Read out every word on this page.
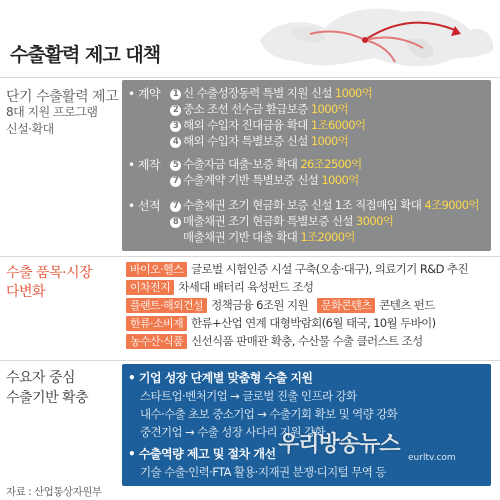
수출활력 제고 대책
단기 수출활력 제고
8대 지원 프로그램
신설·확대
• 계약	1 신 수출성장동력 특별 지원 신설 1000억
2 중소 조선 선수금 환급보증 1000억
3 해외 수입자 진대금융 확대 1조6000억
4 해외 수입자 특별보증 신설 1000억
• 제작	5 수출자금 대출·보증 확대 26조2500억
7 수출계약 기반 특별보증 신설 1000억
• 선적	7 수출채권 조기 현금화 보증 신설 1조 직접매입 확대 4조9000억
8 매출채권 조기 현금화 특별보증 신설 3000억
매출채권 기반 대출 확대 1조2000억
수출 품목·시장
다변화
바이오·헬스 글로벌 시험인증 시설 구축(오송·대구), 의료기기 R&D 추진
이차전지 차세대 배터리 육성펀드 조성
플랜트·해외건설 정책금융 6조원 지원 문화콘텐츠 콘텐츠 펀드
한류·소비재 한류+산업 연계 대형박람회(6월 태국, 10월 두바이)
농수산·식품 신선식품 판매관 확충, 수산물 수출 클러스트 조성
수요자 중심
수출기반 확충
• 기업 성장 단계별 맞춤형 수출 지원
스타트업·벤처기업 → 글로벌 진출 인프라 강화
내수·수출 초보 중소기업 → 수출기회 확보 및 역량 강화
중견기업 → 수출 성장 사다리 지원 강화
• 수출역량 제고 및 절차 개선
기술 수출·인력·FTA 활용·지재권 분쟁·디지털 무역 등
우리방송뉴스
eurltv.com
자료 : 산업통상자원부
